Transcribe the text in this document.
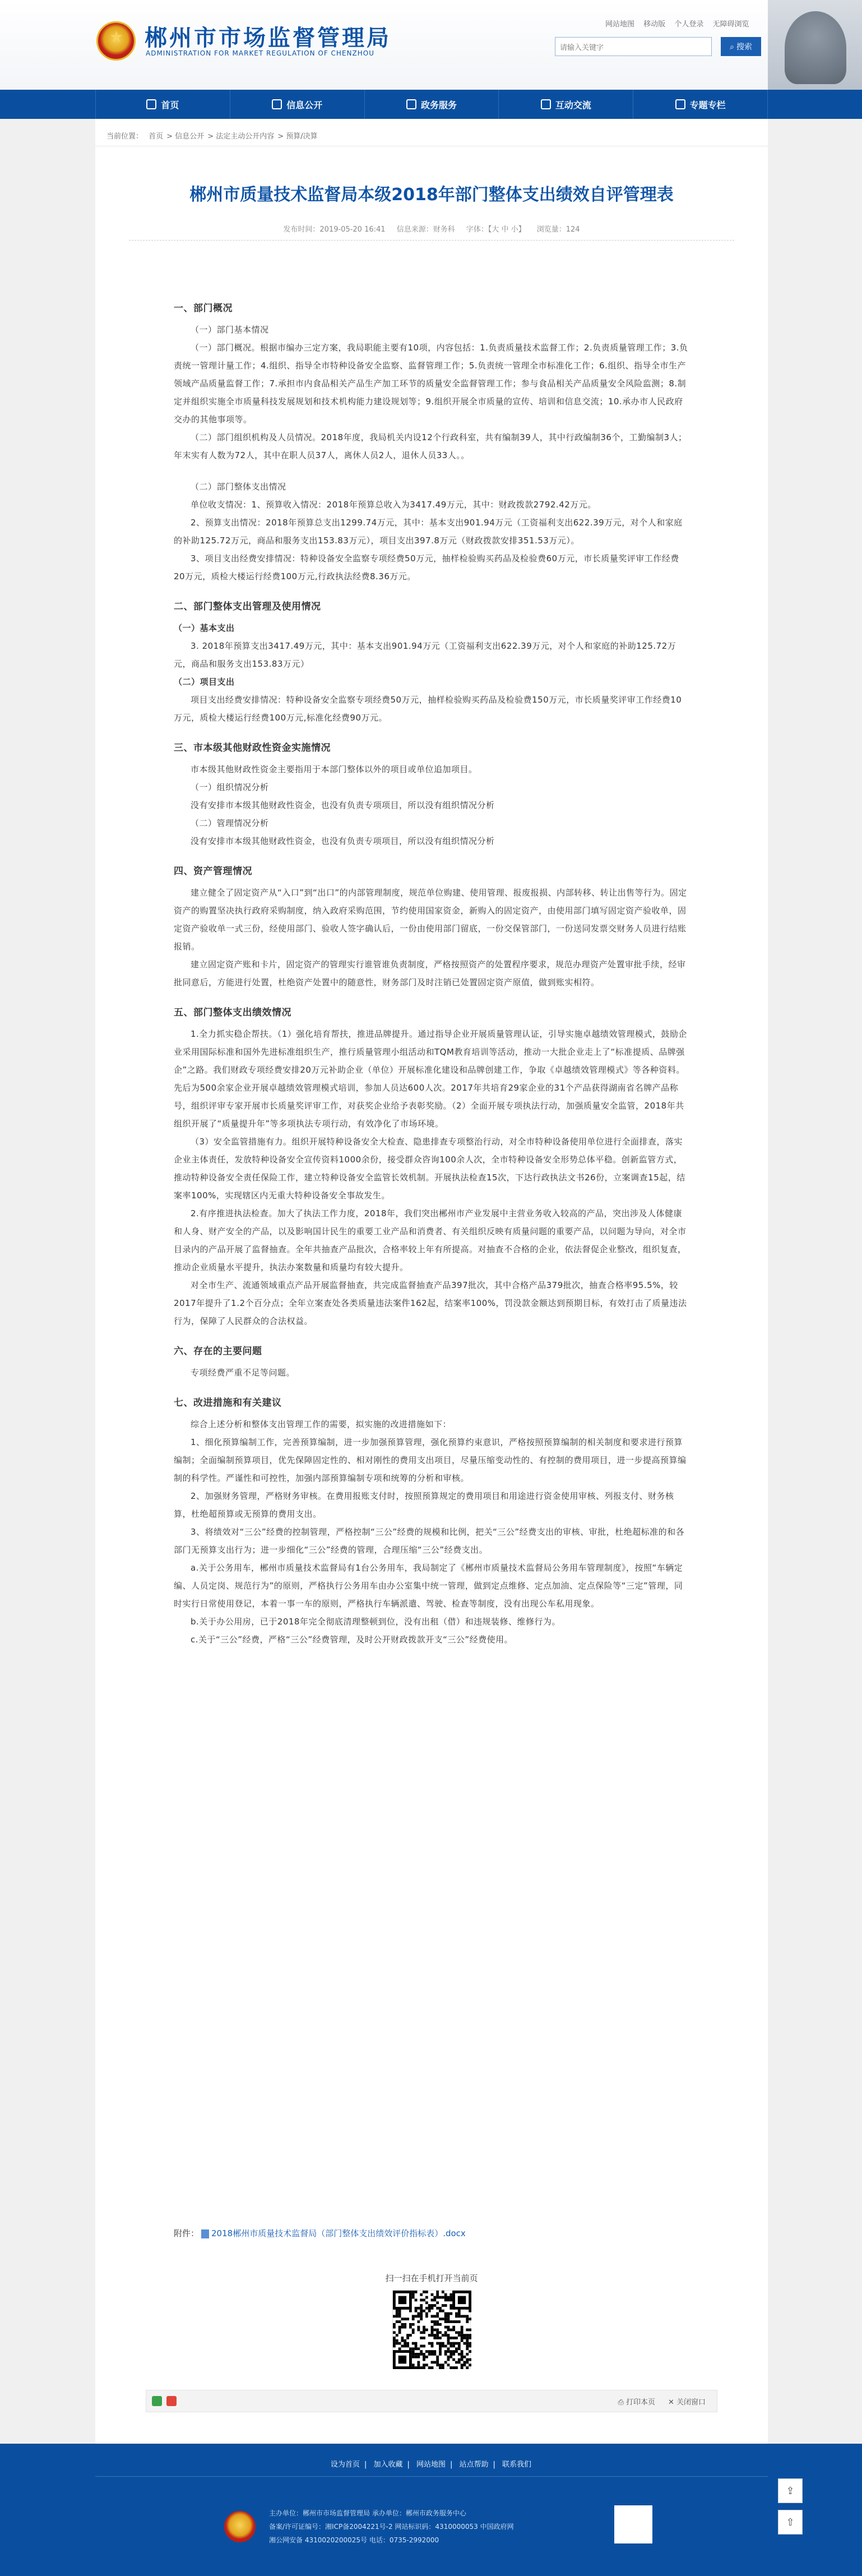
★
郴州市市场监督管理局
ADMINISTRATION FOR MARKET REGULATION OF CHENZHOU
网站地图 移动版 个人登录 无障碍浏览
请输入关键字
⌕ 搜索
首页	信息公开	政务服务	互动交流	专题专栏
当前位置： 首页 > 信息公开 > 法定主动公开内容 > 预算/决算
郴州市质量技术监督局本级2018年部门整体支出绩效自评管理表
发布时间：2019-05-20 16:41 信息来源：财务科 字体：【大 中 小】 浏览量：124

一、部门概况

（一）部门基本情况

（一）部门概况。根据市编办三定方案，我局职能主要有10项，内容包括：1.负责质量技术监督工作；2.负责质量管理工作；3.负责统一管理计量工作；4.组织、指导全市特种设备安全监察、监督管理工作；5.负责统一管理全市标准化工作；6.组织、指导全市生产领域产品质量监督工作；7.承担市内食品相关产品生产加工环节的质量安全监督管理工作；参与食品相关产品质量安全风险监测；8.制定并组织实施全市质量科技发展规划和技术机构能力建设规划等；9.组织开展全市质量的宣传、培训和信息交流；10.承办市人民政府交办的其他事项等。

（二）部门组织机构及人员情况。2018年度，我局机关内设12个行政科室，共有编制39人，其中行政编制36个，工勤编制3人；年末实有人数为72人，其中在职人员37人，离休人员2人，退休人员33人。。

（二）部门整体支出情况

单位收支情况：1、预算收入情况：2018年预算总收入为3417.49万元，其中：财政拨款2792.42万元。

2、预算支出情况：2018年预算总支出1299.74万元，其中：基本支出901.94万元（工资福利支出622.39万元，对个人和家庭的补助125.72万元，商品和服务支出153.83万元），项目支出397.8万元（财政拨款安排351.53万元）。

3、项目支出经费安排情况：特种设备安全监察专项经费50万元，抽样检验购买药品及检验费60万元，市长质量奖评审工作经费20万元，质检大楼运行经费100万元,行政执法经费8.36万元。

二、部门整体支出管理及使用情况

（一）基本支出

3. 2018年预算支出3417.49万元，其中：基本支出901.94万元（工资福利支出622.39万元，对个人和家庭的补助125.72万元，商品和服务支出153.83万元）

（二）项目支出

项目支出经费安排情况：特种设备安全监察专项经费50万元，抽样检验购买药品及检验费150万元，市长质量奖评审工作经费10万元，质检大楼运行经费100万元,标准化经费90万元。

三、市本级其他财政性资金实施情况

市本级其他财政性资金主要指用于本部门整体以外的项目或单位追加项目。

（一）组织情况分析

没有安排市本级其他财政性资金，也没有负责专项项目，所以没有组织情况分析

（二）管理情况分析

没有安排市本级其他财政性资金，也没有负责专项项目，所以没有组织情况分析

四、资产管理情况

建立健全了固定资产从“入口”到“出口”的内部管理制度，规范单位购建、使用管理、报废报损、内部转移、转让出售等行为。固定资产的购置坚决执行政府采购制度，纳入政府采购范围，节约使用国家资金，新购入的固定资产，由使用部门填写固定资产验收单，固定资产验收单一式三份，经使用部门、验收人签字确认后，一份由使用部门留底，一份交保管部门，一份送同发票交财务人员进行结账报销。

建立固定资产账和卡片，固定资产的管理实行谁管谁负责制度，严格按照资产的处置程序要求，规范办理资产处置审批手续，经审批同意后，方能进行处置，杜绝资产处置中的随意性，财务部门及时注销已处置固定资产原值，做到账实相符。

五、部门整体支出绩效情况

1.全力抓实稳企帮扶。（1）强化培育帮扶，推进品牌提升。通过指导企业开展质量管理认证，引导实施卓越绩效管理模式，鼓励企业采用国际标准和国外先进标准组织生产，推行质量管理小组活动和TQM教育培训等活动，推动一大批企业走上了“标准提质、品牌强企”之路。我们财政专项经费安排20万元补助企业（单位）开展标准化建设和品牌创建工作，争取《卓越绩效管理模式》等各种资料。先后为500余家企业开展卓越绩效管理模式培训，参加人员达600人次。2017年共培育29家企业的31个产品获得湖南省名牌产品称号，组织评审专家开展市长质量奖评审工作，对获奖企业给予表彰奖励。（2）全面开展专项执法行动，加强质量安全监管，2018年共组织开展了“质量提升年”等多项执法专项行动，有效净化了市场环境。

（3）安全监管措施有力。组织开展特种设备安全大检查、隐患排查专项整治行动，对全市特种设备使用单位进行全面排查，落实企业主体责任，发放特种设备安全宣传资料1000余份，接受群众咨询100余人次，全市特种设备安全形势总体平稳。创新监管方式，推动特种设备安全责任保险工作，建立特种设备安全监管长效机制。开展执法检查15次，下达行政执法文书26份，立案调查15起，结案率100%，实现辖区内无重大特种设备安全事故发生。

2.有序推进执法检查。加大了执法工作力度，2018年，我们突出郴州市产业发展中主营业务收入较高的产品，突出涉及人体健康和人身、财产安全的产品，以及影响国计民生的重要工业产品和消费者、有关组织反映有质量问题的重要产品，以问题为导向，对全市目录内的产品开展了监督抽查。全年共抽查产品批次，合格率较上年有所提高。对抽查不合格的企业，依法督促企业整改，组织复查，推动企业质量水平提升，执法办案数量和质量均有较大提升。

对全市生产、流通领域重点产品开展监督抽查，共完成监督抽查产品397批次，其中合格产品379批次，抽查合格率95.5%，较2017年提升了1.2个百分点；全年立案查处各类质量违法案件162起，结案率100%，罚没款金额达到预期目标，有效打击了质量违法行为，保障了人民群众的合法权益。

六、存在的主要问题

专项经费严重不足等问题。

七、改进措施和有关建议

综合上述分析和整体支出管理工作的需要，拟实施的改进措施如下：

1、细化预算编制工作，完善预算编制，进一步加强预算管理，强化预算约束意识，严格按照预算编制的相关制度和要求进行预算编制；全面编制预算项目，优先保障固定性的、相对刚性的费用支出项目，尽量压缩变动性的、有控制的费用项目，进一步提高预算编制的科学性。严谨性和可控性，加强内部预算编制专项和统筹的分析和审核。

2、加强财务管理，严格财务审核。在费用报账支付时，按照预算规定的费用项目和用途进行资金使用审核、列报支付、财务核算，杜绝超预算或无预算的费用支出。

3、将绩效对“三公”经费的控制管理，严格控制“三公”经费的规模和比例，把关“三公”经费支出的审核、审批，杜绝超标准的和各部门无预算支出行为；进一步细化“三公”经费的管理，合理压缩“三公”经费支出。

a.关于公务用车，郴州市质量技术监督局有1台公务用车，我局制定了《郴州市质量技术监督局公务用车管理制度》，按照“车辆定编、人员定岗、规范行为”的原则，严格执行公务用车由办公室集中统一管理，做到定点维修、定点加油、定点保险等“三定”管理，同时实行日常使用登记，本着一事一车的原则，严格执行车辆派遣、驾驶、检查等制度，没有出现公车私用现象。

b.关于办公用房，已于2018年完全彻底清理整顿到位，没有出租（借）和违规装修、维修行为。

c.关于“三公”经费，严格“三公”经费管理，及时公开财政拨款开支“三公”经费使用。

附件： 2018郴州市质量技术监督局（部门整体支出绩效评价指标表）.docx
扫一扫在手机打开当前页
⎙ 打印本页 ✕ 关闭窗口
设为首页 | 加入收藏 | 网站地图 | 站点帮助 | 联系我们
主办单位：郴州市市场监督管理局 承办单位：郴州市政务服务中心
备案/许可证编号：湘ICP备2004221号-2 网站标识码：4310000053 中国政府网
湘公网安备 4310020200025号 电话：0735-2992000
⇪
⇧
